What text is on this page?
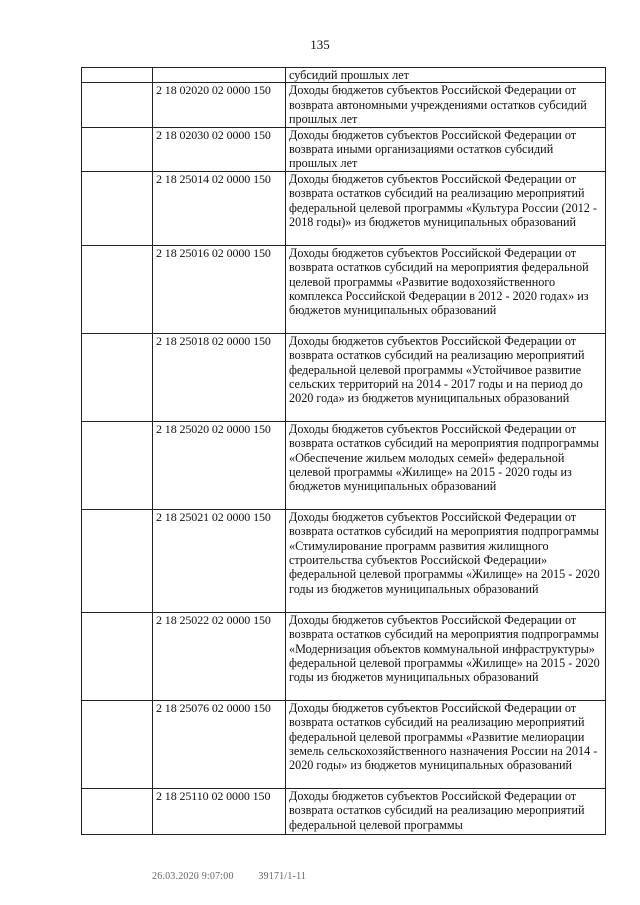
135
		субсидий прошлых лет
	2 18 02020 02 0000 150	Доходы бюджетов субъектов Российской Федерации от возврата автономными учреждениями остатков субсидий прошлых лет
	2 18 02030 02 0000 150	Доходы бюджетов субъектов Российской Федерации от возврата иными организациями остатков субсидий прошлых лет
	2 18 25014 02 0000 150	Доходы бюджетов субъектов Российской Федерации от возврата остатков субсидий на реализацию мероприятий федеральной целевой программы «Культура России (2012 - 2018 годы)» из бюджетов муниципальных образований
	2 18 25016 02 0000 150	Доходы бюджетов субъектов Российской Федерации от возврата остатков субсидий на мероприятия федеральной целевой программы «Развитие водохозяйственного комплекса Российской Федерации в 2012 - 2020 годах» из бюджетов муниципальных образований
	2 18 25018 02 0000 150	Доходы бюджетов субъектов Российской Федерации от возврата остатков субсидий на реализацию мероприятий федеральной целевой программы «Устойчивое развитие сельских территорий на 2014 - 2017 годы и на период до 2020 года» из бюджетов муниципальных образований
	2 18 25020 02 0000 150	Доходы бюджетов субъектов Российской Федерации от возврата остатков субсидий на мероприятия подпрограммы «Обеспечение жильем молодых семей» федеральной целевой программы «Жилище» на 2015 - 2020 годы из бюджетов муниципальных образований
	2 18 25021 02 0000 150	Доходы бюджетов субъектов Российской Федерации от возврата остатков субсидий на мероприятия подпрограммы «Стимулирование программ развития жилищного строительства субъектов Российской Федерации» федеральной целевой программы «Жилище» на 2015 - 2020 годы из бюджетов муниципальных образований
	2 18 25022 02 0000 150	Доходы бюджетов субъектов Российской Федерации от возврата остатков субсидий на мероприятия подпрограммы «Модернизация объектов коммунальной инфраструктуры» федеральной целевой программы «Жилище» на 2015 - 2020 годы из бюджетов муниципальных образований
	2 18 25076 02 0000 150	Доходы бюджетов субъектов Российской Федерации от возврата остатков субсидий на реализацию мероприятий федеральной целевой программы «Развитие мелиорации земель сельскохозяйственного назначения России на 2014 - 2020 годы» из бюджетов муниципальных образований
	2 18 25110 02 0000 150	Доходы бюджетов субъектов Российской Федерации от возврата остатков субсидий на реализацию мероприятий федеральной целевой программы
26.03.2020 9:07:00 39171/1-11
